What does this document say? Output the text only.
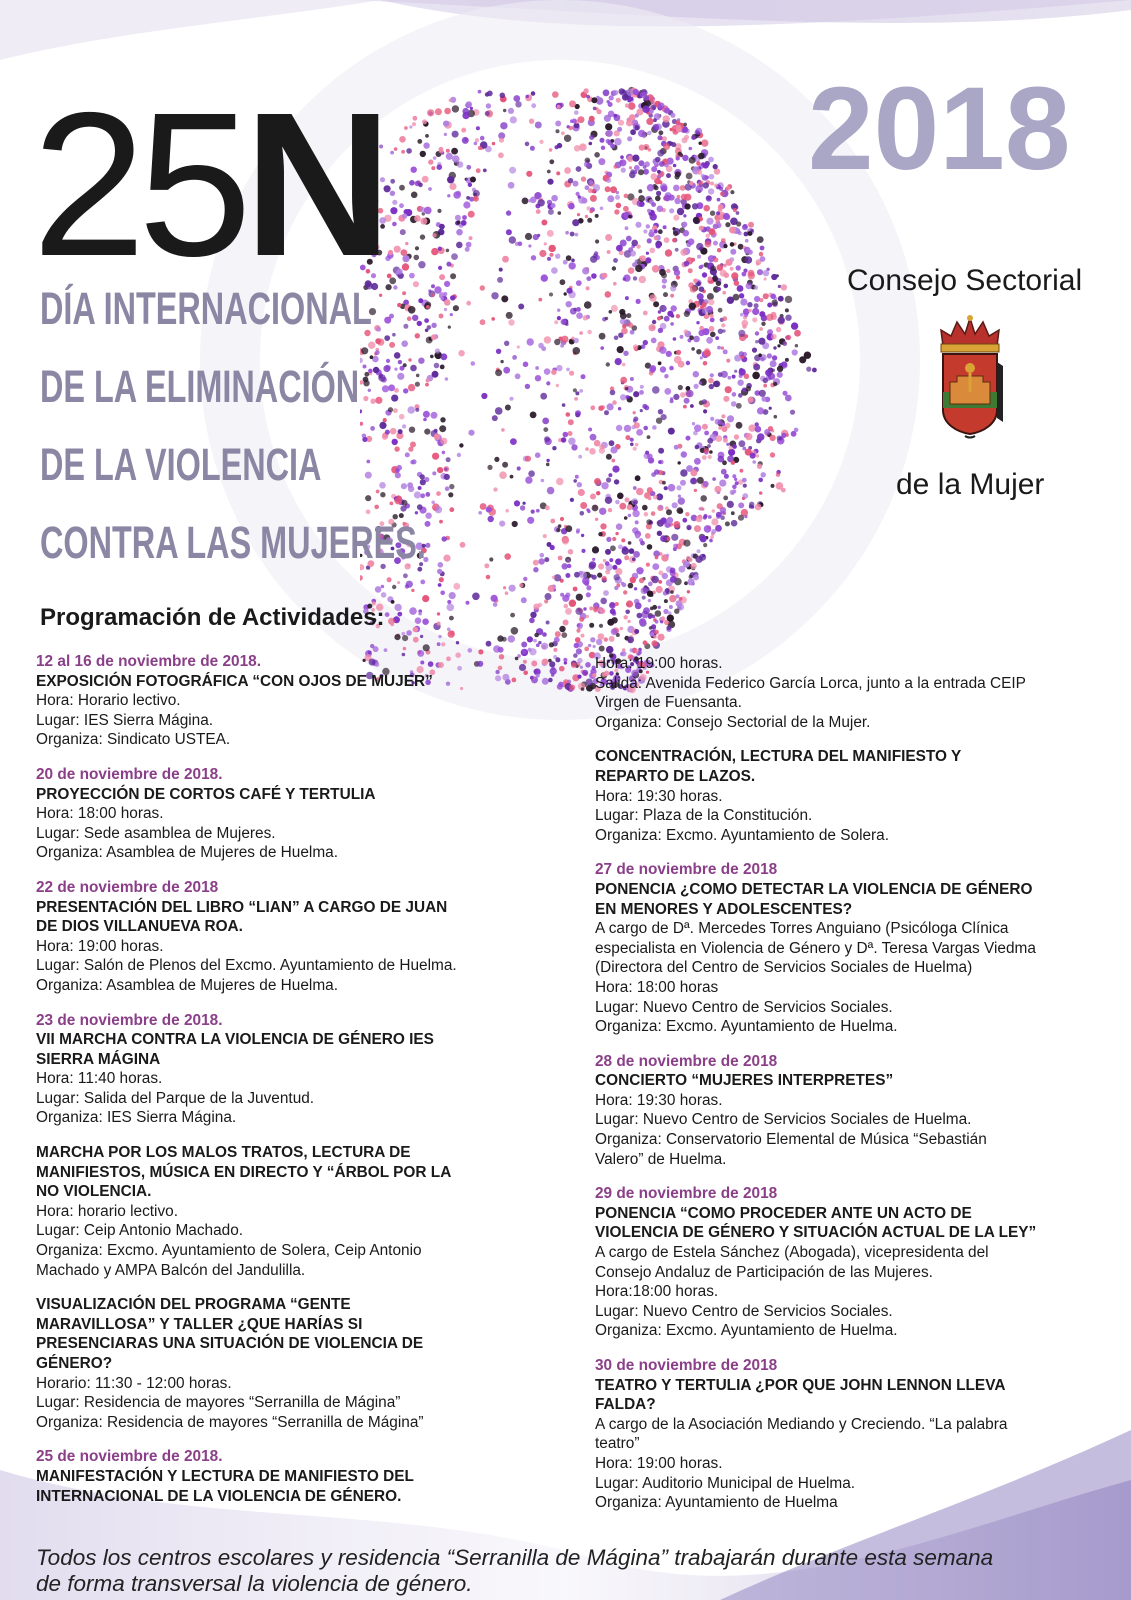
25N	2018
DÍA INTERNACIONAL
DE LA ELIMINACIÓN
DE LA VIOLENCIA
CONTRA LAS MUJERES.
Consejo Sectorial
de la Mujer
Programación de Actividades:
12 al 16 de noviembre de 2018.
EXPOSICIÓN FOTOGRÁFICA “CON OJOS DE MUJER”
Hora: Horario lectivo.
Lugar: IES Sierra Mágina.
Organiza: Sindicato USTEA.
20 de noviembre de 2018.
PROYECCIÓN DE CORTOS CAFÉ Y TERTULIA
Hora: 18:00 horas.
Lugar: Sede asamblea de Mujeres.
Organiza: Asamblea de Mujeres de Huelma.
22 de noviembre de 2018
PRESENTACIÓN DEL LIBRO “LIAN” A CARGO DE JUAN
DE DIOS VILLANUEVA ROA.
Hora: 19:00 horas.
Lugar: Salón de Plenos del Excmo. Ayuntamiento de Huelma.
Organiza: Asamblea de Mujeres de Huelma.
23 de noviembre de 2018.
VII MARCHA CONTRA LA VIOLENCIA DE GÉNERO IES
SIERRA MÁGINA
Hora: 11:40 horas.
Lugar: Salida del Parque de la Juventud.
Organiza: IES Sierra Mágina.
MARCHA POR LOS MALOS TRATOS, LECTURA DE
MANIFIESTOS, MÚSICA EN DIRECTO Y “ÁRBOL POR LA
NO VIOLENCIA.
Hora: horario lectivo.
Lugar: Ceip Antonio Machado.
Organiza: Excmo. Ayuntamiento de Solera, Ceip Antonio
Machado y AMPA Balcón del Jandulilla.
VISUALIZACIÓN DEL PROGRAMA “GENTE
MARAVILLOSA” Y TALLER ¿QUE HARÍAS SI
PRESENCIARAS UNA SITUACIÓN DE VIOLENCIA DE
GÉNERO?
Horario: 11:30 - 12:00 horas.
Lugar: Residencia de mayores “Serranilla de Mágina”
Organiza: Residencia de mayores “Serranilla de Mágina”
25 de noviembre de 2018.
MANIFESTACIÓN Y LECTURA DE MANIFIESTO DEL
INTERNACIONAL DE LA VIOLENCIA DE GÉNERO.
Hora: 19:00 horas.
Salida: Avenida Federico García Lorca, junto a la entrada CEIP
Virgen de Fuensanta.
Organiza: Consejo Sectorial de la Mujer.
CONCENTRACIÓN, LECTURA DEL MANIFIESTO Y
REPARTO DE LAZOS.
Hora: 19:30 horas.
Lugar: Plaza de la Constitución.
Organiza: Excmo. Ayuntamiento de Solera.
27 de noviembre de 2018
PONENCIA ¿COMO DETECTAR LA VIOLENCIA DE GÉNERO
EN MENORES Y ADOLESCENTES?
A cargo de Dª. Mercedes Torres Anguiano (Psicóloga Clínica
especialista en Violencia de Género y Dª. Teresa Vargas Viedma
(Directora del Centro de Servicios Sociales de Huelma)
Hora: 18:00 horas
Lugar: Nuevo Centro de Servicios Sociales.
Organiza: Excmo. Ayuntamiento de Huelma.
28 de noviembre de 2018
CONCIERTO “MUJERES INTERPRETES”
Hora: 19:30 horas.
Lugar: Nuevo Centro de Servicios Sociales de Huelma.
Organiza: Conservatorio Elemental de Música “Sebastián
Valero” de Huelma.
29 de noviembre de 2018
PONENCIA “COMO PROCEDER ANTE UN ACTO DE
VIOLENCIA DE GÉNERO Y SITUACIÓN ACTUAL DE LA LEY”
A cargo de Estela Sánchez (Abogada), vicepresidenta del
Consejo Andaluz de Participación de las Mujeres.
Hora:18:00 horas.
Lugar: Nuevo Centro de Servicios Sociales.
Organiza: Excmo. Ayuntamiento de Huelma.
30 de noviembre de 2018
TEATRO Y TERTULIA ¿POR QUE JOHN LENNON LLEVA
FALDA?
A cargo de la Asociación Mediando y Creciendo. “La palabra
teatro”
Hora: 19:00 horas.
Lugar: Auditorio Municipal de Huelma.
Organiza: Ayuntamiento de Huelma
Todos los centros escolares y residencia “Serranilla de Mágina” trabajarán durante esta semana
de forma transversal la violencia de género.
